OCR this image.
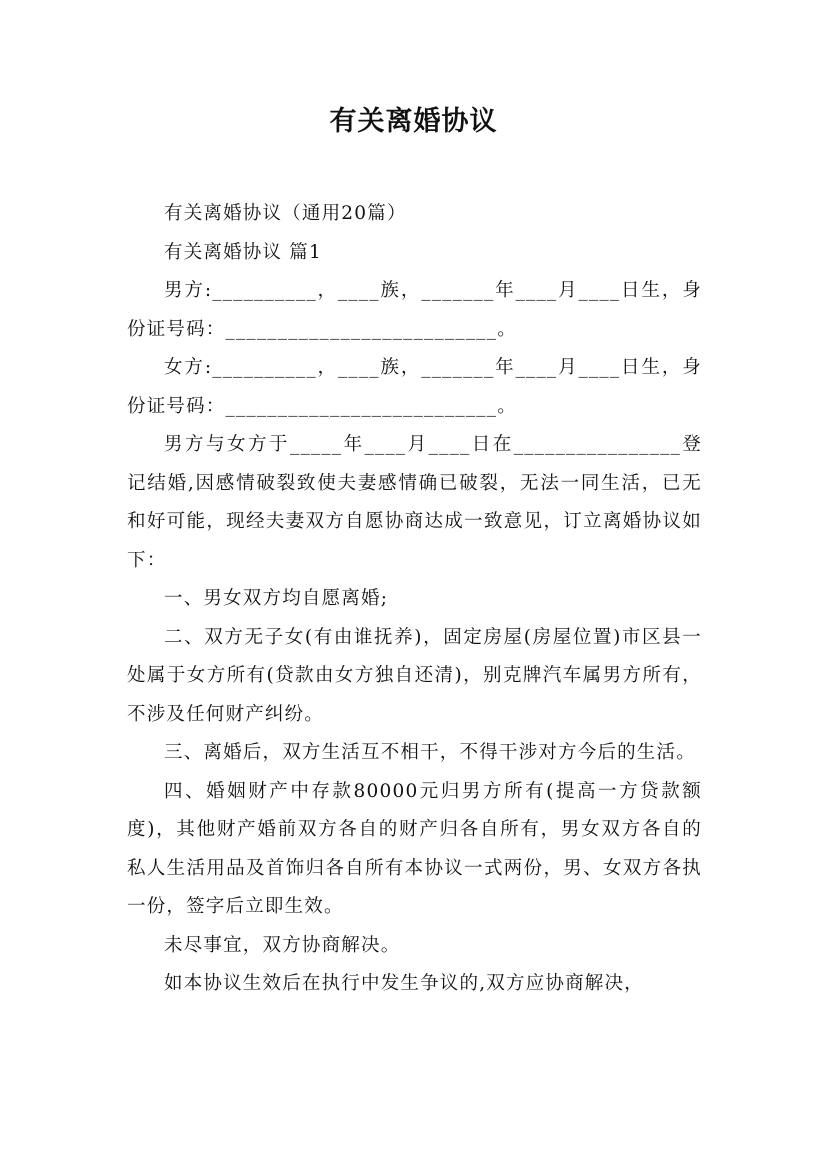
有关离婚协议

有关离婚协议（通用20篇）

有关离婚协议 篇1

男方:__________，____族，_______年____月____日生，身份证号码：__________________________。

女方:__________，____族，_______年____月____日生，身份证号码：__________________________。

男方与女方于_____年____月____日在________________登记结婚,因感情破裂致使夫妻感情确已破裂，无法一同生活，已无和好可能，现经夫妻双方自愿协商达成一致意见，订立离婚协议如下：

一、男女双方均自愿离婚;

二、双方无子女(有由谁抚养)，固定房屋(房屋位置)市区县一处属于女方所有(贷款由女方独自还清)，别克牌汽车属男方所有，不涉及任何财产纠纷。

三、离婚后，双方生活互不相干，不得干涉对方今后的生活。

四、婚姻财产中存款80000元归男方所有(提高一方贷款额度)，其他财产婚前双方各自的财产归各自所有，男女双方各自的私人生活用品及首饰归各自所有本协议一式两份，男、女双方各执一份，签字后立即生效。

未尽事宜，双方协商解决。

如本协议生效后在执行中发生争议的,双方应协商解决，
